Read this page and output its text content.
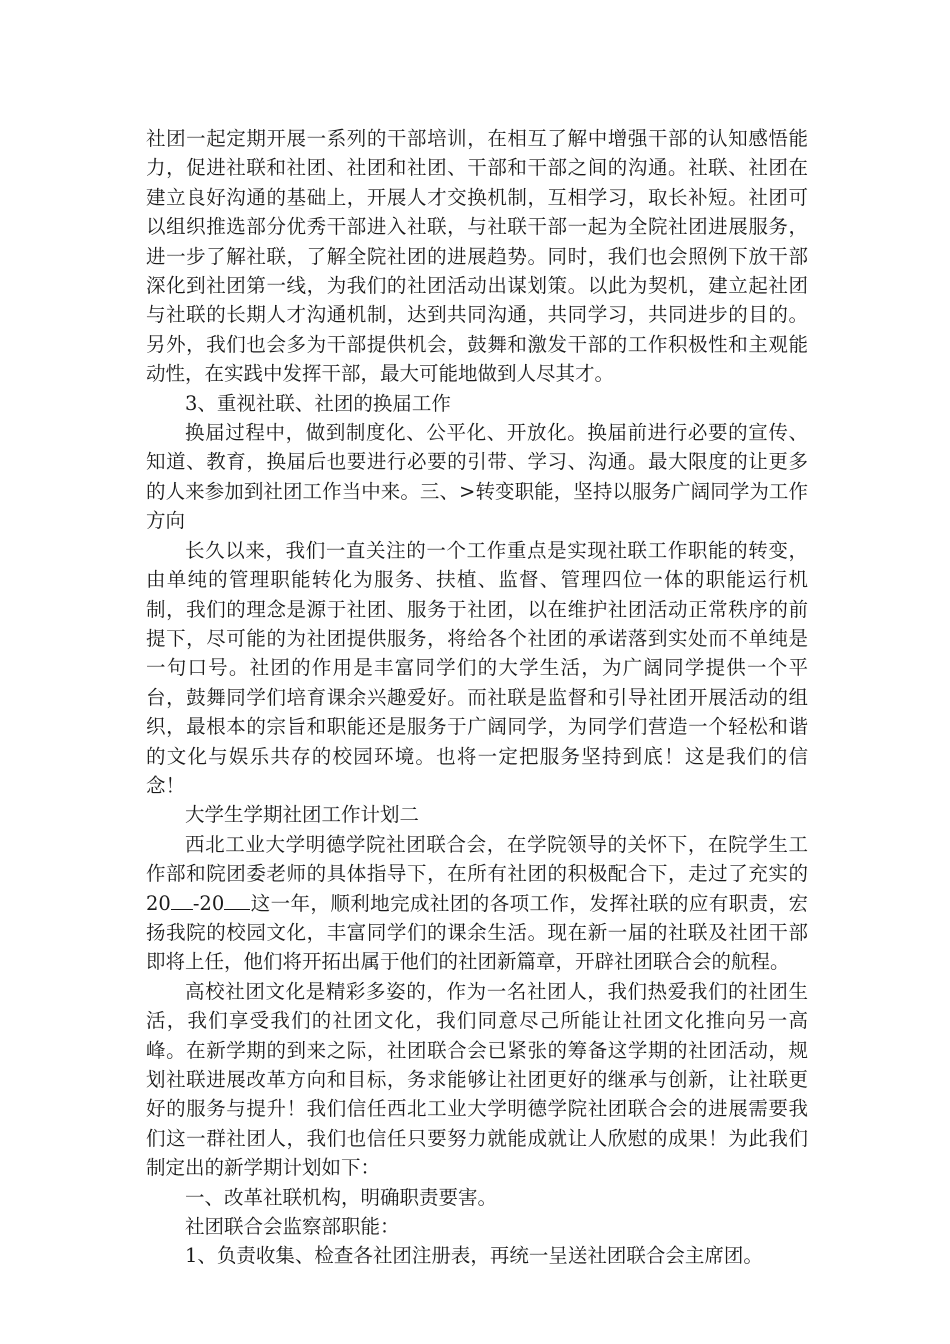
社团一起定期开展一系列的干部培训，在相互了解中增强干部的认知感悟能力，促进社联和社团、社团和社团、干部和干部之间的沟通。社联、社团在建立良好沟通的基础上，开展人才交换机制，互相学习，取长补短。社团可以组织推选部分优秀干部进入社联，与社联干部一起为全院社团进展服务，进一步了解社联，了解全院社团的进展趋势。同时，我们也会照例下放干部深化到社团第一线，为我们的社团活动出谋划策。以此为契机，建立起社团与社联的长期人才沟通机制，达到共同沟通，共同学习，共同进步的目的。另外，我们也会多为干部提供机会，鼓舞和激发干部的工作积极性和主观能动性，在实践中发挥干部，最大可能地做到人尽其才。

3、重视社联、社团的换届工作

换届过程中，做到制度化、公平化、开放化。换届前进行必要的宣传、知道、教育，换届后也要进行必要的引带、学习、沟通。最大限度的让更多的人来参加到社团工作当中来。三、>转变职能，坚持以服务广阔同学为工作方向

长久以来，我们一直关注的一个工作重点是实现社联工作职能的转变，由单纯的管理职能转化为服务、扶植、监督、管理四位一体的职能运行机制，我们的理念是源于社团、服务于社团，以在维护社团活动正常秩序的前提下，尽可能的为社团提供服务，将给各个社团的承诺落到实处而不单纯是一句口号。社团的作用是丰富同学们的大学生活，为广阔同学提供一个平台，鼓舞同学们培育课余兴趣爱好。而社联是监督和引导社团开展活动的组织，最根本的宗旨和职能还是服务于广阔同学，为同学们营造一个轻松和谐的文化与娱乐共存的校园环境。也将一定把服务坚持到底！这是我们的信念！

大学生学期社团工作计划二

西北工业大学明德学院社团联合会，在学院领导的关怀下，在院学生工作部和院团委老师的具体指导下，在所有社团的积极配合下，走过了充实的 20 -20 这一年，顺利地完成社团的各项工作，发挥社联的应有职责，宏扬我院的校园文化，丰富同学们的课余生活。现在新一届的社联及社团干部即将上任，他们将开拓出属于他们的社团新篇章，开辟社团联合会的航程。

高校社团文化是精彩多姿的，作为一名社团人，我们热爱我们的社团生活，我们享受我们的社团文化，我们同意尽己所能让社团文化推向另一高峰。在新学期的到来之际，社团联合会已紧张的筹备这学期的社团活动，规划社联进展改革方向和目标，务求能够让社团更好的继承与创新，让社联更好的服务与提升！我们信任西北工业大学明德学院社团联合会的进展需要我们这一群社团人，我们也信任只要努力就能成就让人欣慰的成果！为此我们制定出的新学期计划如下：

一、改革社联机构，明确职责要害。

社团联合会监察部职能：

1、负责收集、检查各社团注册表，再统一呈送社团联合会主席团。
